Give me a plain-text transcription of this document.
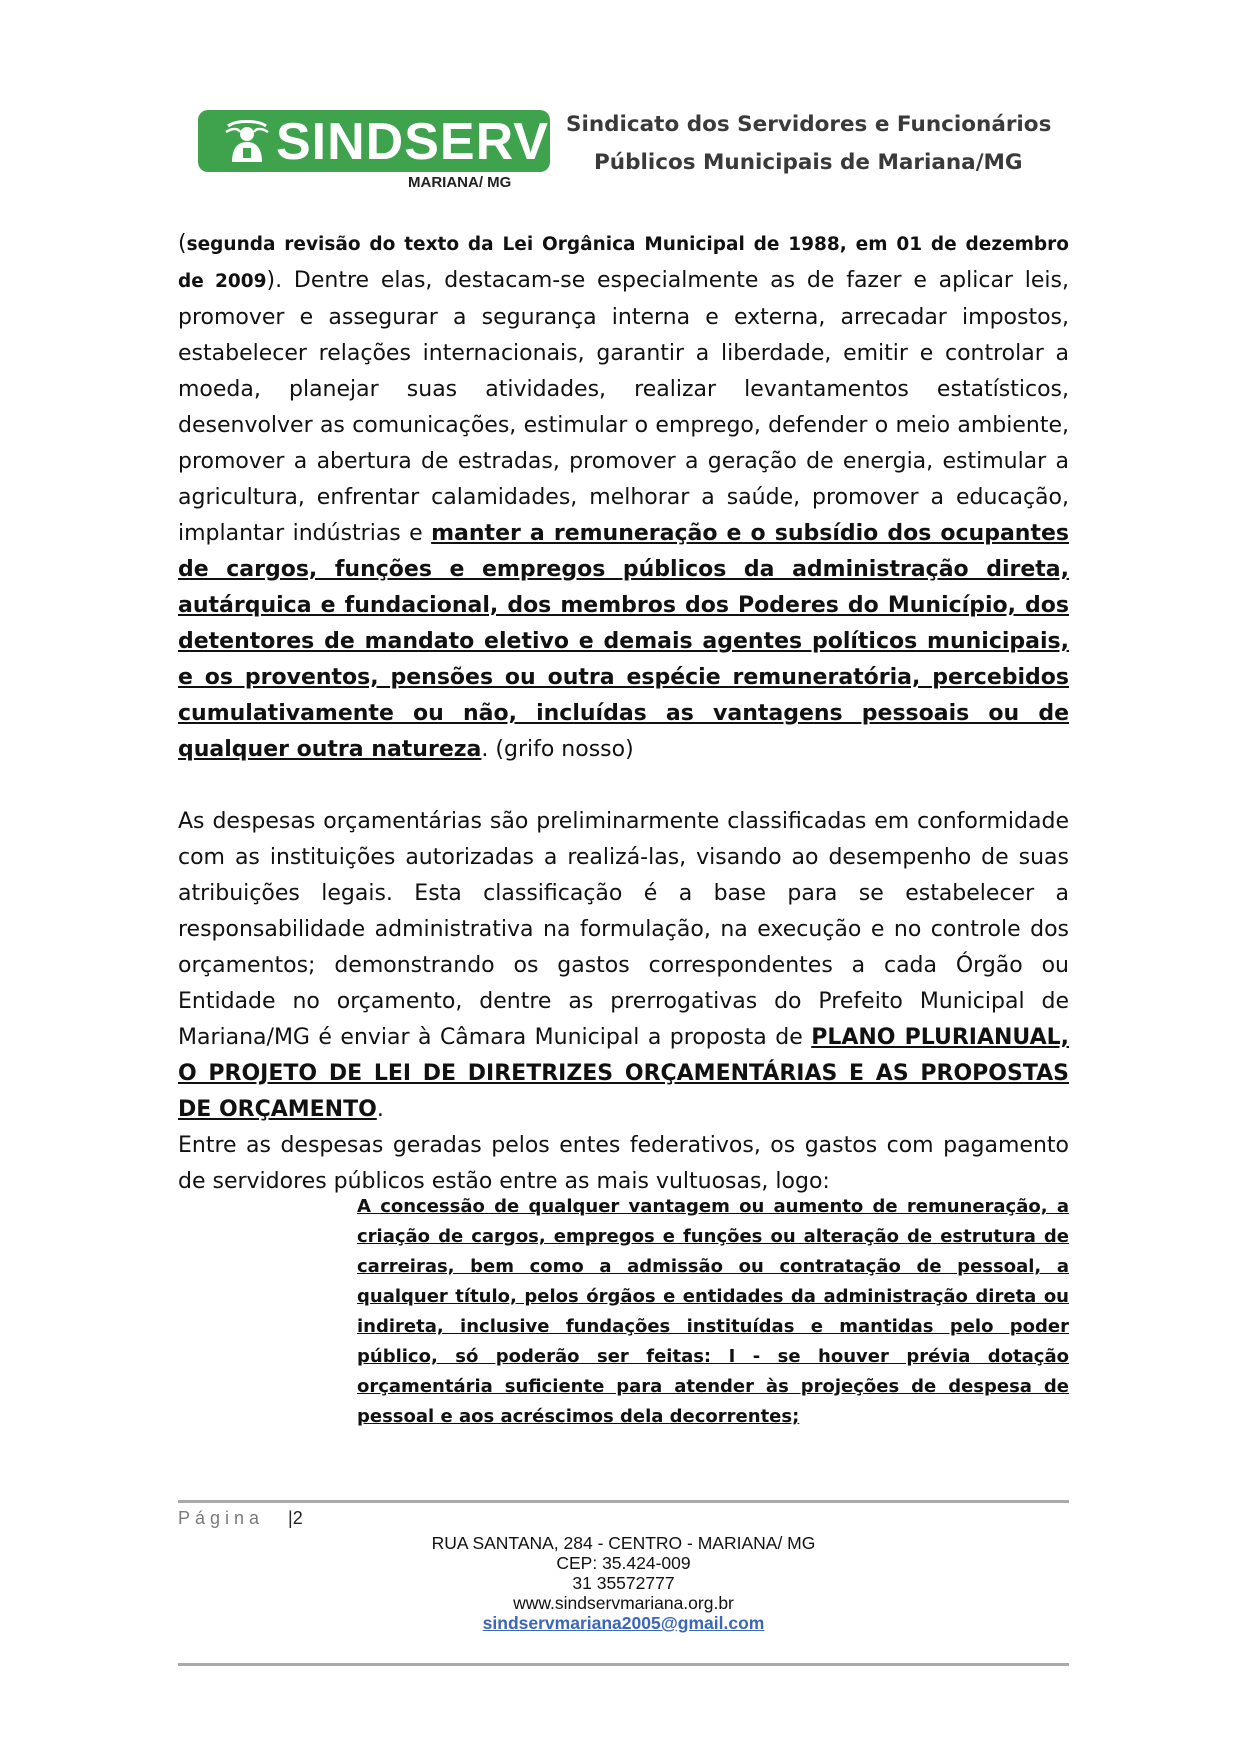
SINDSERV
MARIANA/ MG
Sindicato dos Servidores e Funcionários
Públicos Municipais de Mariana/MG

(segunda revisão do texto da Lei Orgânica Municipal de 1988, em 01 de dezembro de 2009). Dentre elas, destacam-se especialmente as de fazer e aplicar leis, promover e assegurar a segurança interna e externa, arrecadar impostos, estabelecer relações internacionais, garantir a liberdade, emitir e controlar a moeda, planejar suas atividades, realizar levantamentos estatísticos, desenvolver as comunicações, estimular o emprego, defender o meio ambiente, promover a abertura de estradas, promover a geração de energia, estimular a agricultura, enfrentar calamidades, melhorar a saúde, promover a educação, implantar indústrias e manter a remuneração e o subsídio dos ocupantes de cargos, funções e empregos públicos da administração direta, autárquica e fundacional, dos membros dos Poderes do Município, dos detentores de mandato eletivo e demais agentes políticos municipais, e os proventos, pensões ou outra espécie remuneratória, percebidos cumulativamente ou não, incluídas as vantagens pessoais ou de qualquer outra natureza. (grifo nosso)

As despesas orçamentárias são preliminarmente classificadas em conformidade com as instituições autorizadas a realizá-las, visando ao desempenho de suas atribuições legais. Esta classificação é a base para se estabelecer a responsabilidade administrativa na formulação, na execução e no controle dos orçamentos; demonstrando os gastos correspondentes a cada Órgão ou Entidade no orçamento, dentre as prerrogativas do Prefeito Municipal de Mariana/MG é enviar à Câmara Municipal a proposta de PLANO PLURIANUAL, O PROJETO DE LEI DE DIRETRIZES ORÇAMENTÁRIAS E AS PROPOSTAS DE ORÇAMENTO.

Entre as despesas geradas pelos entes federativos, os gastos com pagamento de servidores públicos estão entre as mais vultuosas, logo:

A concessão de qualquer vantagem ou aumento de remuneração, a criação de cargos, empregos e funções ou alteração de estrutura de carreiras, bem como a admissão ou contratação de pessoal, a qualquer título, pelos órgãos e entidades da administração direta ou indireta, inclusive fundações instituídas e mantidas pelo poder público, só poderão ser feitas: I - se houver prévia dotação orçamentária suficiente para atender às projeções de despesa de pessoal e aos acréscimos dela decorrentes;
Página |2
RUA SANTANA, 284 - CENTRO - MARIANA/ MG
CEP: 35.424-009
31 35572777
www.sindservmariana.org.br
sindservmariana2005@gmail.com
